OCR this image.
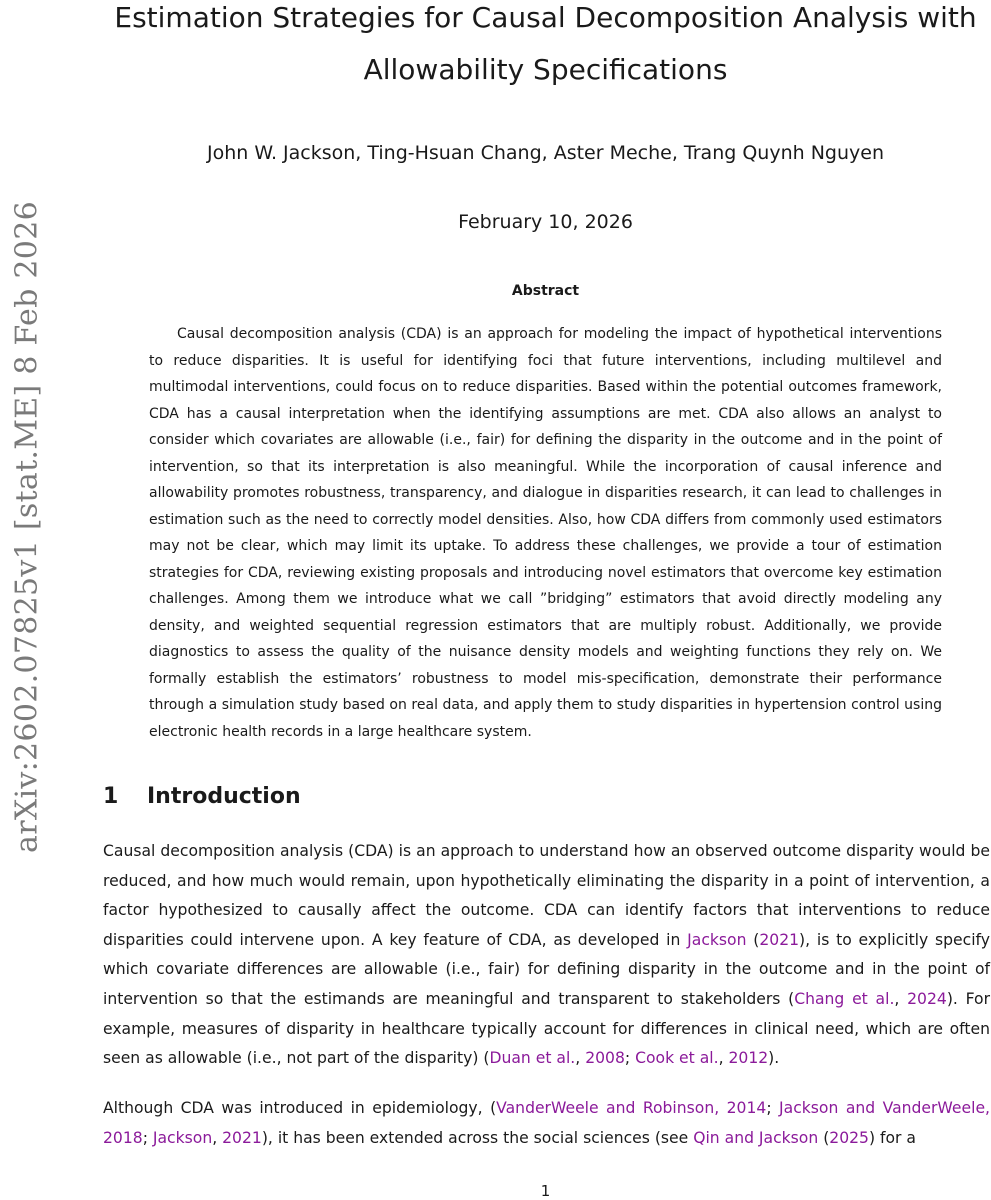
arXiv:2602.07825v1 [stat.ME] 8 Feb 2026
Estimation Strategies for Causal Decomposition Analysis with
Allowability Specifications
John W. Jackson, Ting-Hsuan Chang, Aster Meche, Trang Quynh Nguyen
February 10, 2026
Abstract

Causal decomposition analysis (CDA) is an approach for modeling the impact of hypothetical interventions to reduce disparities. It is useful for identifying foci that future interventions, including multilevel and multimodal interventions, could focus on to reduce disparities. Based within the potential outcomes framework, CDA has a causal interpretation when the identifying assumptions are met. CDA also allows an analyst to consider which covariates are allowable (i.e., fair) for defining the disparity in the outcome and in the point of intervention, so that its interpretation is also meaningful. While the incorporation of causal inference and allowability promotes robustness, transparency, and dialogue in disparities research, it can lead to challenges in estimation such as the need to correctly model densities. Also, how CDA differs from commonly used estimators may not be clear, which may limit its uptake. To address these challenges, we provide a tour of estimation strategies for CDA, reviewing existing proposals and introducing novel estimators that overcome key estimation challenges. Among them we introduce what we call ”bridging” estimators that avoid directly modeling any density, and weighted sequential regression estimators that are multiply robust. Additionally, we provide diagnostics to assess the quality of the nuisance density models and weighting functions they rely on. We formally establish the estimators’ robustness to model mis-specification, demonstrate their performance through a simulation study based on real data, and apply them to study disparities in hypertension control using electronic health records in a large healthcare system.

1 Introduction

Causal decomposition analysis (CDA) is an approach to understand how an observed outcome disparity would be reduced, and how much would remain, upon hypothetically eliminating the disparity in a point of intervention, a factor hypothesized to causally affect the outcome. CDA can identify factors that interventions to reduce disparities could intervene upon. A key feature of CDA, as developed in Jackson (2021), is to explicitly specify which covariate differences are allowable (i.e., fair) for defining disparity in the outcome and in the point of intervention so that the estimands are meaningful and transparent to stakeholders (Chang et al., 2024). For example, measures of disparity in healthcare typically account for differences in clinical need, which are often seen as allowable (i.e., not part of the disparity) (Duan et al., 2008; Cook et al., 2012).

Although CDA was introduced in epidemiology, (VanderWeele and Robinson, 2014; Jackson and VanderWeele, 2018; Jackson, 2021), it has been extended across the social sciences (see Qin and Jackson (2025) for a

1
